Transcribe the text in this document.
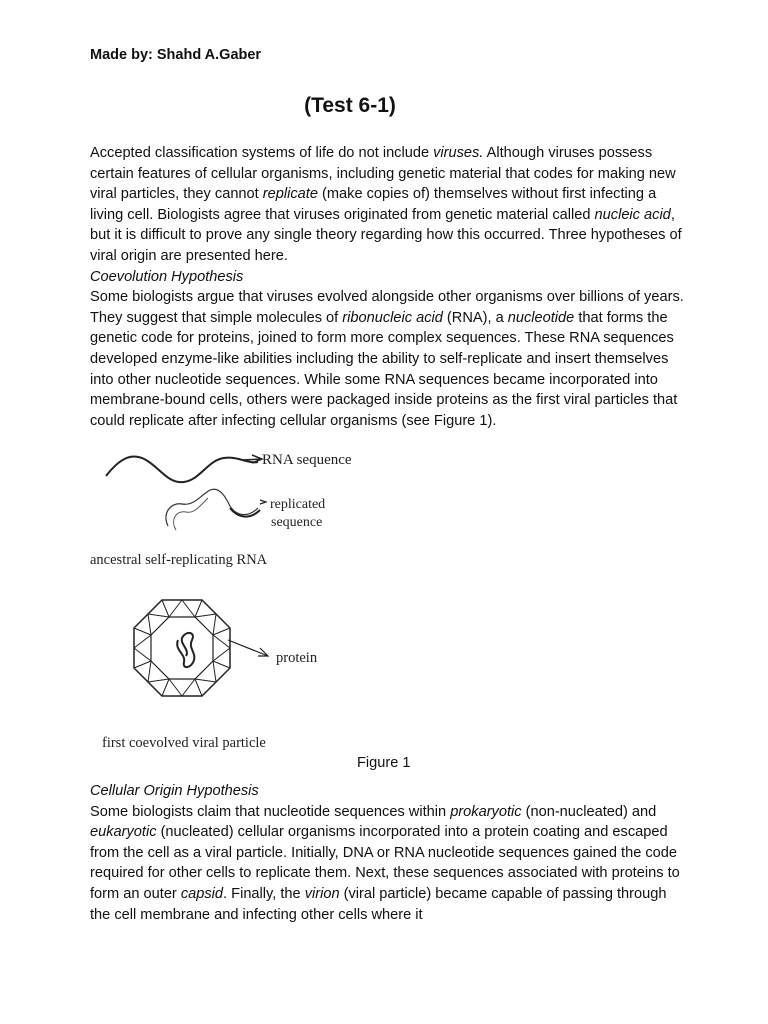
Made by: Shahd A.Gaber
(Test 6-1)

Accepted classification systems of life do not include viruses. Although viruses possess certain features of cellular organisms, including genetic material that codes for making new viral particles, they cannot replicate (make copies of) themselves without first infecting a living cell. Biologists agree that viruses originated from genetic material called nucleic acid, but it is difficult to prove any single theory regarding how this occurred. Three hypotheses of viral origin are presented here.
Coevolution Hypothesis
Some biologists argue that viruses evolved alongside other organisms over billions of years. They suggest that simple molecules of ribonucleic acid (RNA), a nucleotide that forms the genetic code for proteins, joined to form more complex sequences. These RNA sequences developed enzyme-like abilities including the ability to self-replicate and insert themselves into other nucleotide sequences. While some RNA sequences became incorporated into membrane-bound cells, others were packaged inside proteins as the first viral particles that could replicate after infecting cellular organisms (see Figure 1).

RNA sequence
replicated
sequence
ancestral self-replicating RNA
protein
first coevolved viral particle
Figure 1

Cellular Origin Hypothesis
Some biologists claim that nucleotide sequences within prokaryotic (non-nucleated) and eukaryotic (nucleated) cellular organisms incorporated into a protein coating and escaped from the cell as a viral particle. Initially, DNA or RNA nucleotide sequences gained the code required for other cells to replicate them. Next, these sequences associated with proteins to form an outer capsid. Finally, the virion (viral particle) became capable of passing through the cell membrane and infecting other cells where it
